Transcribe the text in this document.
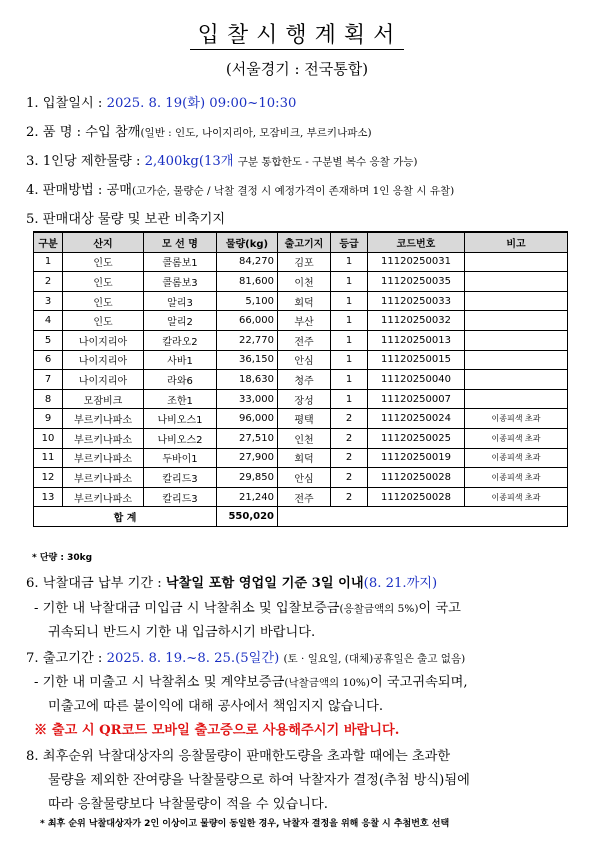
입찰시행계획서
(서울경기 : 전국통합)
1. 입찰일시 : 2025. 8. 19(화) 09:00~10:30
2. 품 명 : 수입 참깨(일반 : 인도, 나이지리아, 모잠비크, 부르키나파소)
3. 1인당 제한물량 : 2,400kg(13개 구분 통합한도 - 구분별 복수 응찰 가능)
4. 판매방법 : 공매(고가순, 물량순 / 낙찰 결정 시 예정가격이 존재하며 1인 응찰 시 유찰)
5. 판매대상 물량 및 보관 비축기지
구분	산지	모 선 명	물량(kg)	출고기지	등급	코드번호	비고
1	인도	콜롬보1	84,270	김포	1	11120250031	
2	인도	콜롬보3	81,600	이천	1	11120250035	
3	인도	알리3	5,100	회덕	1	11120250033	
4	인도	알리2	66,000	부산	1	11120250032	
5	나이지리아	칼라오2	22,770	전주	1	11120250013	
6	나이지리아	사바1	36,150	안심	1	11120250015	
7	나이지리아	라와6	18,630	청주	1	11120250040	
8	모잠비크	조한1	33,000	장성	1	11120250007	
9	부르키나파소	나비오스1	96,000	평택	2	11120250024	이종피색 초과
10	부르키나파소	나비오스2	27,510	인천	2	11120250025	이종피색 초과
11	부르키나파소	두바이1	27,900	회덕	2	11120250019	이종피색 초과
12	부르키나파소	칼리드3	29,850	안심	2	11120250028	이종피색 초과
13	부르키나파소	칼리드3	21,240	전주	2	11120250028	이종피색 초과
합 계			550,020				
* 단량 : 30kg
6. 낙찰대금 납부 기간 : 낙찰일 포함 영업일 기준 3일 이내(8. 21.까지)
- 기한 내 낙찰대금 미입금 시 낙찰취소 및 입찰보증금(응찰금액의 5%)이 국고
귀속되니 반드시 기한 내 입금하시기 바랍니다.
7. 출고기간 : 2025. 8. 19.~8. 25.(5일간) (토 · 일요일, (대체)공휴일은 출고 없음)
- 기한 내 미출고 시 낙찰취소 및 계약보증금(낙찰금액의 10%)이 국고귀속되며,
미출고에 따른 불이익에 대해 공사에서 책임지지 않습니다.
※ 출고 시 QR코드 모바일 출고증으로 사용해주시기 바랍니다.
8. 최후순위 낙찰대상자의 응찰물량이 판매한도량을 초과할 때에는 초과한
물량을 제외한 잔여량을 낙찰물량으로 하여 낙찰자가 결정(추첨 방식)됨에
따라 응찰물량보다 낙찰물량이 적을 수 있습니다.
* 최후 순위 낙찰대상자가 2인 이상이고 물량이 동일한 경우, 낙찰자 결정을 위해 응찰 시 추첨번호 선택
